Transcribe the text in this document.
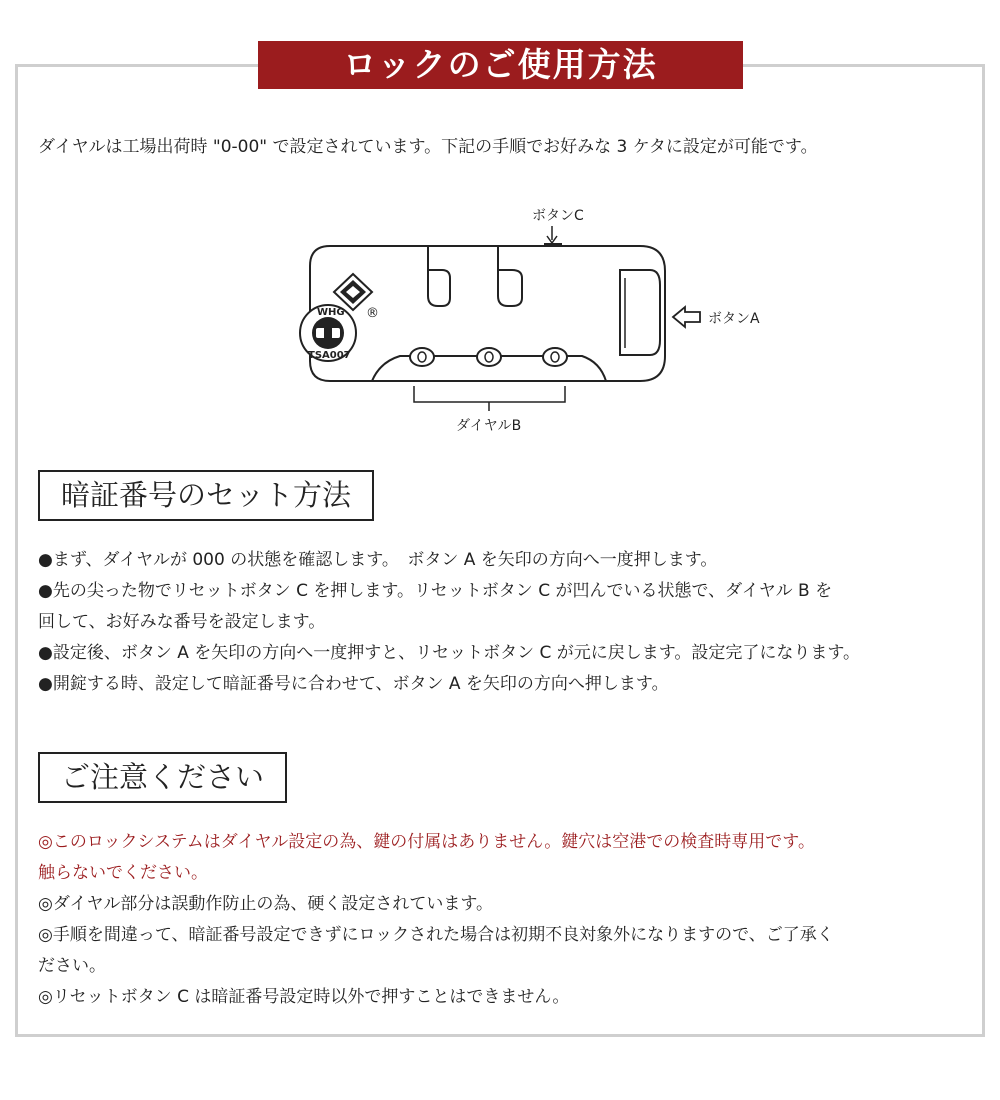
ロックのご使用方法
ダイヤルは工場出荷時 "0-00" で設定されています。下記の手順でお好みな 3 ケタに設定が可能です。
ボタンC
ボタンA
®
WHG
TSA007
ダイヤルB
暗証番号のセット方法

●まず、ダイヤルが 000 の状態を確認します。　ボタン A を矢印の方向へ一度押します。

●先の尖った物でリセットボタン C を押します。リセットボタン C が凹んでいる状態で、ダイヤル B を

回して、お好みな番号を設定します。

●設定後、ボタン A を矢印の方向へ一度押すと、リセットボタン C が元に戻します。設定完了になります。

●開錠する時、設定して暗証番号に合わせて、ボタン A を矢印の方向へ押します。

ご注意ください

◎このロックシステムはダイヤル設定の為、鍵の付属はありません。鍵穴は空港での検査時専用です。

触らないでください。

◎ダイヤル部分は誤動作防止の為、硬く設定されています。

◎手順を間違って、暗証番号設定できずにロックされた場合は初期不良対象外になりますので、ご了承く

ださい。

◎リセットボタン C は暗証番号設定時以外で押すことはできません。
